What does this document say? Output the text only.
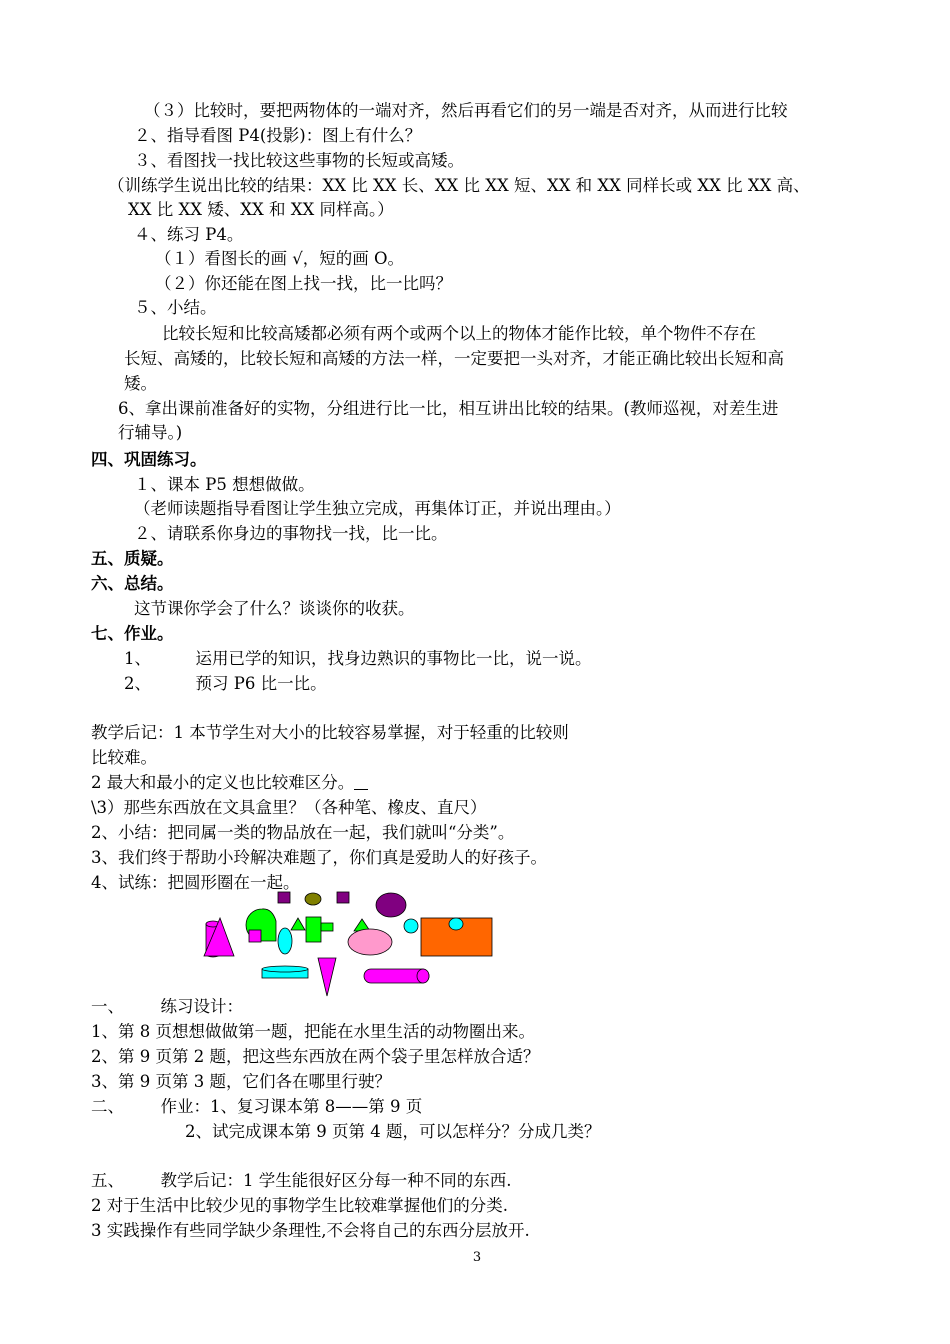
（３）比较时，要把两物体的一端对齐，然后再看它们的另一端是否对齐，从而进行比较
２、指导看图 P4(投影)：图上有什么？
３、看图找一找比较这些事物的长短或高矮。
（训练学生说出比较的结果：XX 比 XX 长、XX 比 XX 短、XX 和 XX 同样长或 XX 比 XX 高、
XX 比 XX 矮、XX 和 XX 同样高。）
４、练习 P4。
（１）看图长的画 √，短的画 O。
（２）你还能在图上找一找，比一比吗？
５、小结。
比较长短和比较高矮都必须有两个或两个以上的物体才能作比较，单个物件不存在
长短、高矮的，比较长短和高矮的方法一样，一定要把一头对齐，才能正确比较出长短和高
矮。
6、拿出课前准备好的实物，分组进行比一比，相互讲出比较的结果。(教师巡视，对差生进
行辅导。)
四、巩固练习。
１、课本 P5 想想做做。
（老师读题指导看图让学生独立完成，再集体订正，并说出理由。）
２、请联系你身边的事物找一找，比一比。
五、质疑。
六、总结。
这节课你学会了什么？谈谈你的收获。
七、作业。
1、	运用已学的知识，找身边熟识的事物比一比，说一说。
2、	预习 P6 比一比。
教学后记：1 本节学生对大小的比较容易掌握，对于轻重的比较则
比较难。
2 最大和最小的定义也比较难区分。
\3）那些东西放在文具盒里？（各种笔、橡皮、直尺）
2、小结：把同属一类的物品放在一起，我们就叫“分类”。
3、我们终于帮助小玲解决难题了，你们真是爱助人的好孩子。
4、试练：把圆形圈在一起。
一、 练习设计：
1、第 8 页想想做做第一题，把能在水里生活的动物圈出来。
2、第 9 页第 2 题，把这些东西放在两个袋子里怎样放合适？
3、第 9 页第 3 题，它们各在哪里行驶？
二、 作业：1、复习课本第 8——第 9 页
2、试完成课本第 9 页第 4 题，可以怎样分？分成几类？
五、 教学后记：1 学生能很好区分每一种不同的东西.
2 对于生活中比较少见的事物学生比较难掌握他们的分类.
3 实践操作有些同学缺少条理性,不会将自己的东西分层放开.
3
